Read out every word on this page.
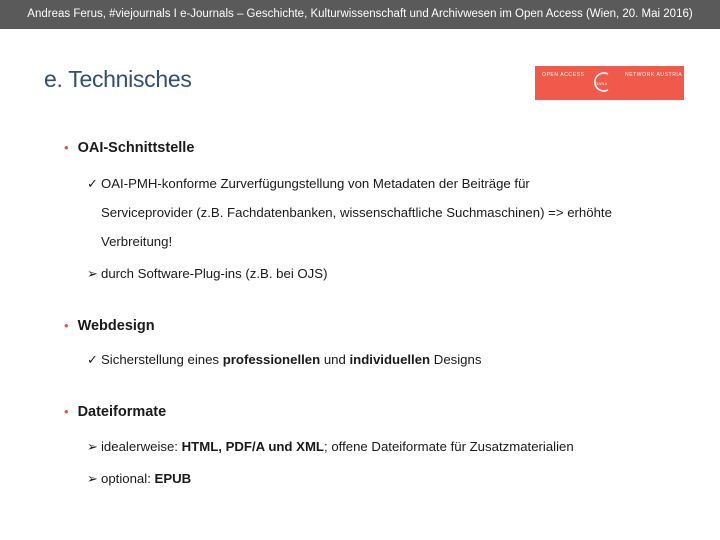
Andreas Ferus, #viejournals I e-Journals – Geschichte, Kulturwissenschaft und Archivwesen im Open Access (Wien, 20. Mai 2016)
e. Technisches	OPEN ACCESS	NETWORK AUSTRIA
OANA
• OAI-Schnittstelle
✓ OAI-PMH-konforme Zurverfügungstellung von Metadaten der Beiträge für
Serviceprovider (z.B. Fachdatenbanken, wissenschaftliche Suchmaschinen) => erhöhte
Verbreitung!
➢ durch Software-Plug-ins (z.B. bei OJS)
• Webdesign
✓ Sicherstellung eines professionellen und individuellen Designs
• Dateiformate
➢ idealerweise: HTML, PDF/A und XML; offene Dateiformate für Zusatzmaterialien
➢ optional: EPUB
